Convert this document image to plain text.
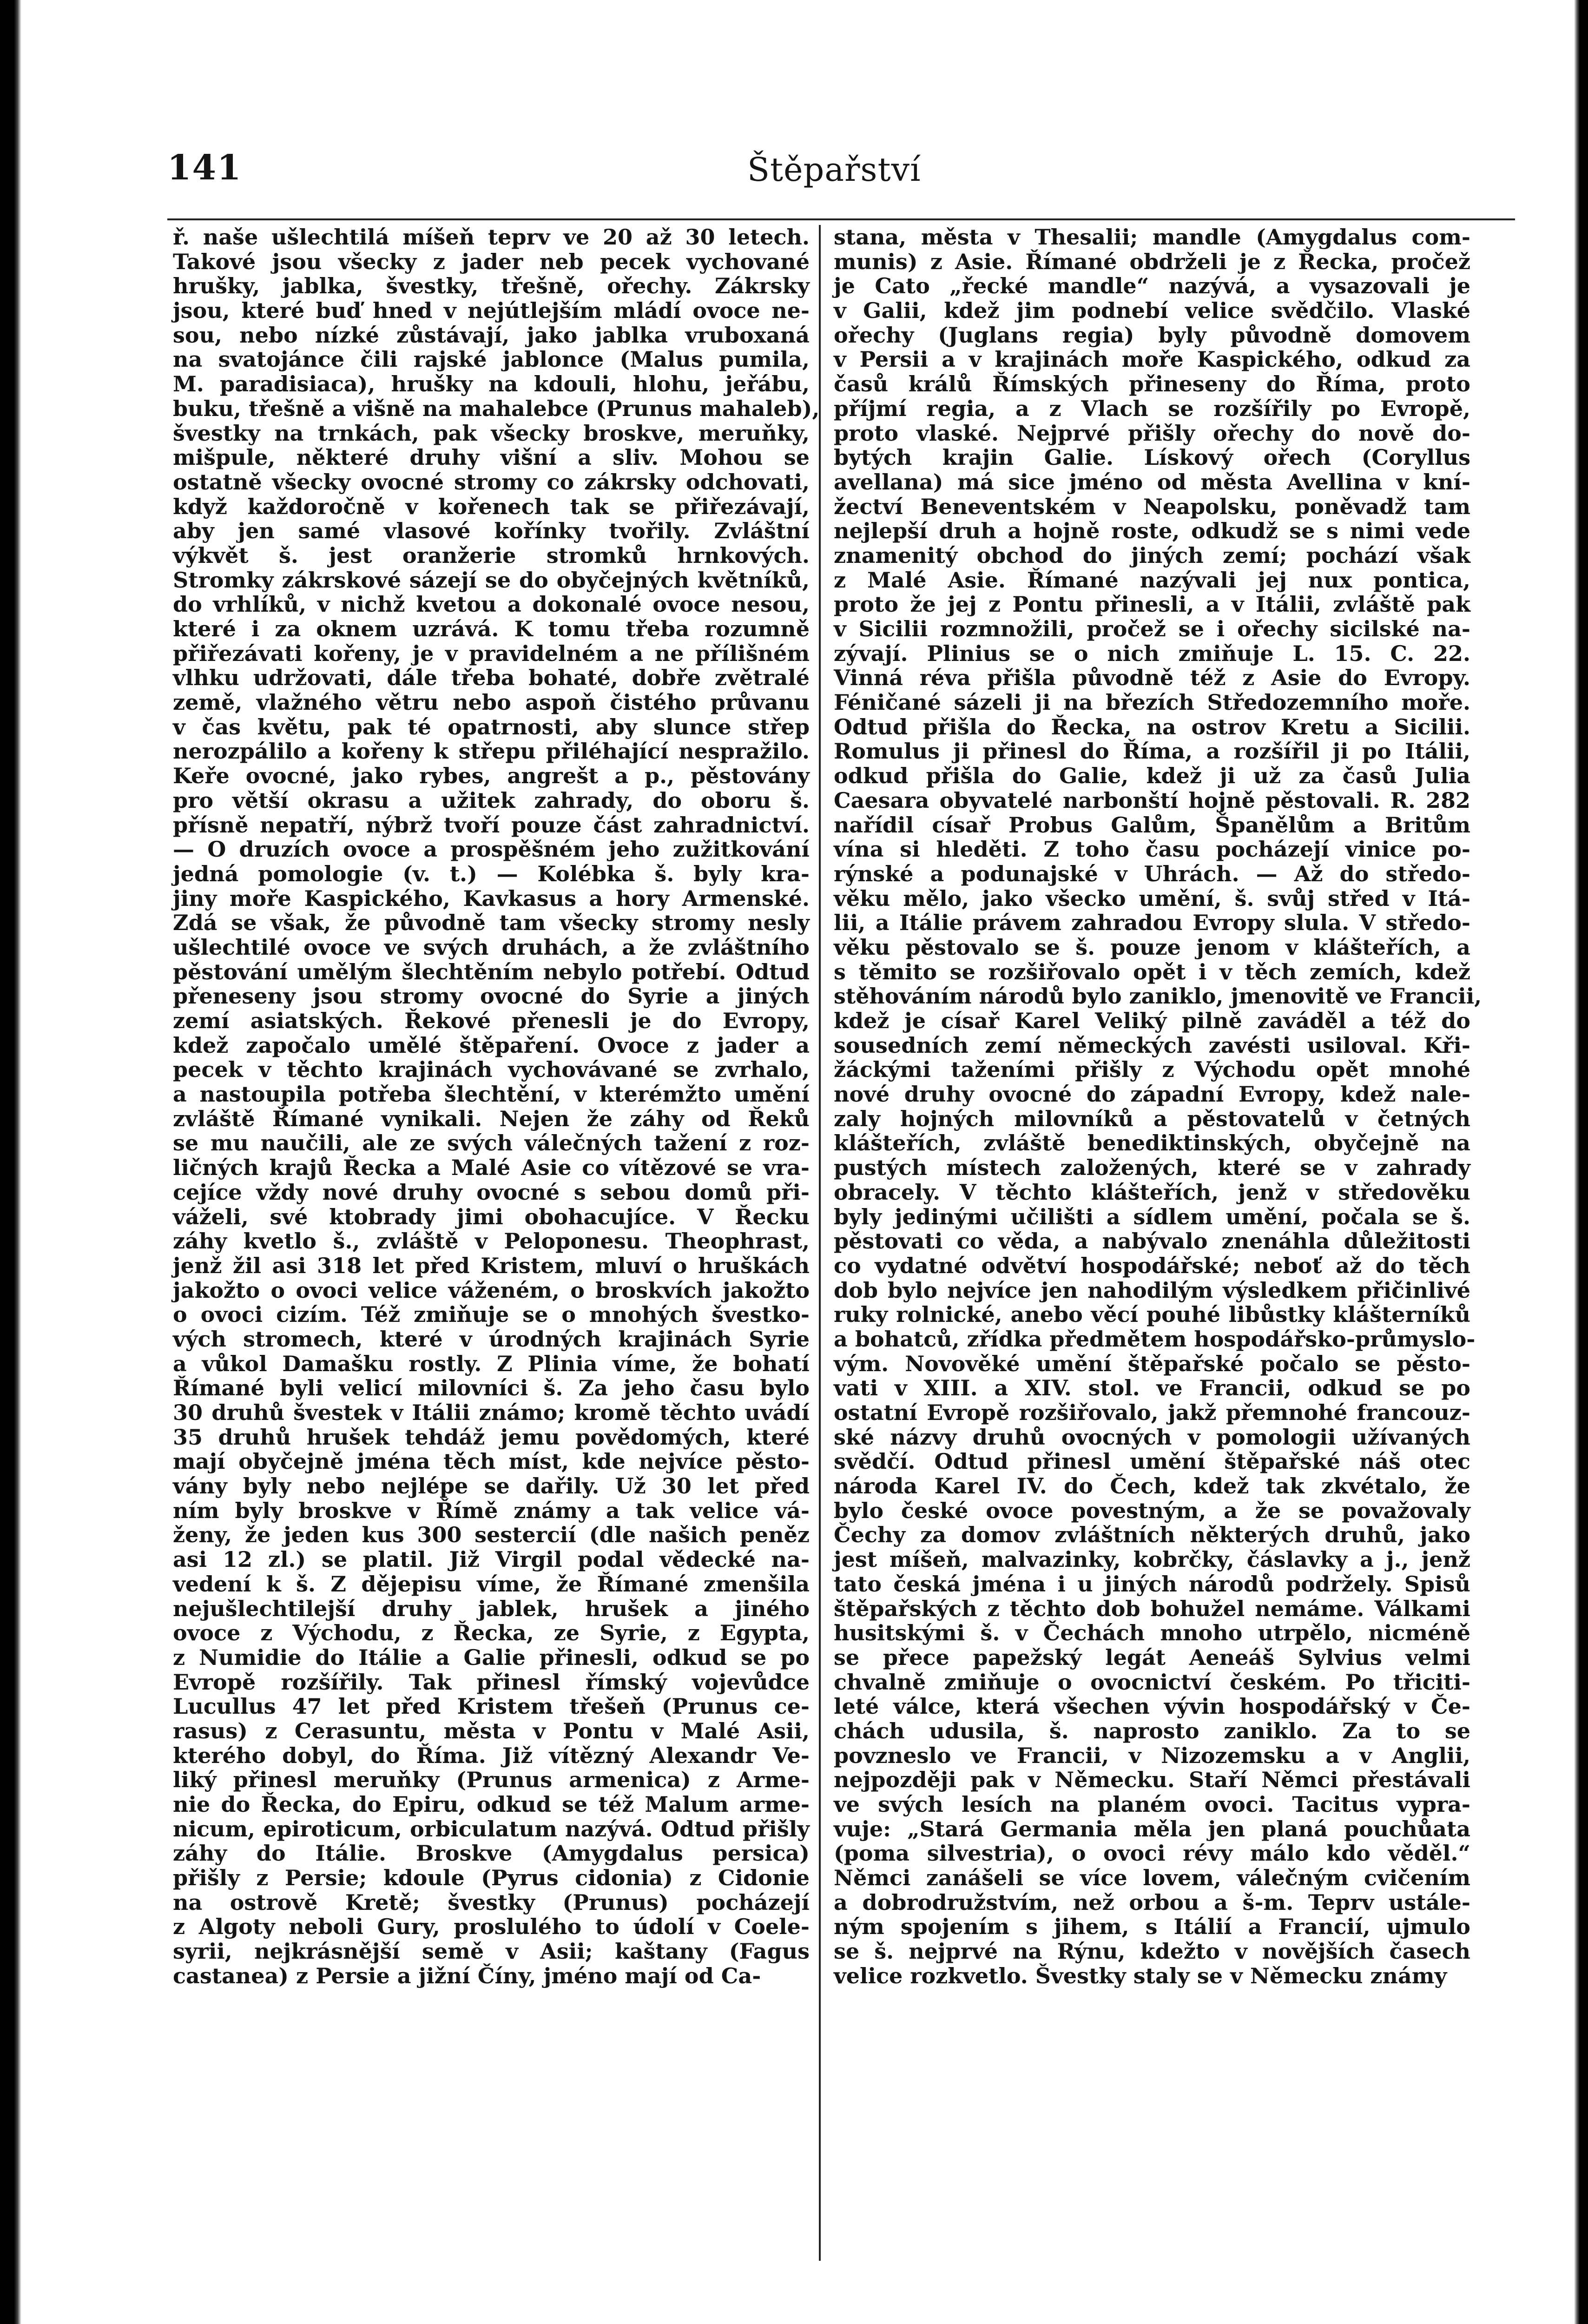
141	Štěpařství
ř. naše ušlechtilá míšeň teprv ve 20 až 30 letech.
Takové jsou všecky z jader neb pecek vychované
hrušky, jablka, švestky, třešně, ořechy. Zákrsky
jsou, které buď hned v nejútlejším mládí ovoce ne-
sou, nebo nízké zůstávají, jako jablka vruboxaná
na svatojánce čili rajské jablonce (Malus pumila,
M. paradisiaca), hrušky na kdouli, hlohu, jeřábu,
buku, třešně a višně na mahalebce (Prunus mahaleb),
švestky na trnkách, pak všecky broskve, meruňky,
mišpule, některé druhy višní a sliv. Mohou se
ostatně všecky ovocné stromy co zákrsky odchovati,
když každoročně v kořenech tak se přiřezávají,
aby jen samé vlasové kořínky tvořily. Zvláštní
výkvět š. jest oranžerie stromků hrnkových.
Stromky zákrskové sázejí se do obyčejných květníků,
do vrhlíků, v nichž kvetou a dokonalé ovoce nesou,
které i za oknem uzrává. K tomu třeba rozumně
přiřezávati kořeny, je v pravidelném a ne přílišném
vlhku udržovati, dále třeba bohaté, dobře zvětralé
země, vlažného větru nebo aspoň čistého průvanu
v čas květu, pak té opatrnosti, aby slunce střep
nerozpálilo a kořeny k střepu přiléhající nespražilo.
Keře ovocné, jako rybes, angrešt a p., pěstovány
pro větší okrasu a užitek zahrady, do oboru š.
přísně nepatří, nýbrž tvoří pouze část zahradnictví.
— O druzích ovoce a prospěšném jeho zužitkování
jedná pomologie (v. t.) — Kolébka š. byly kra-
jiny moře Kaspického, Kavkasus a hory Armenské.
Zdá se však, že původně tam všecky stromy nesly
ušlechtilé ovoce ve svých druhách, a že zvláštního
pěstování umělým šlechtěním nebylo potřebí. Odtud
přeneseny jsou stromy ovocné do Syrie a jiných
zemí asiatských. Řekové přenesli je do Evropy,
kdež započalo umělé štěpaření. Ovoce z jader a
pecek v těchto krajinách vychovávané se zvrhalo,
a nastoupila potřeba šlechtění, v kterémžto umění
zvláště Římané vynikali. Nejen že záhy od Řeků
se mu naučili, ale ze svých válečných tažení z roz-
ličných krajů Řecka a Malé Asie co vítězové se vra-
cejíce vždy nové druhy ovocné s sebou domů při-
váželi, své ktobrady jimi obohacujíce. V Řecku
záhy kvetlo š., zvláště v Peloponesu. Theophrast,
jenž žil asi 318 let před Kristem, mluví o hruškách
jakožto o ovoci velice váženém, o broskvích jakožto
o ovoci cizím. Též zmiňuje se o mnohých švestko-
vých stromech, které v úrodných krajinách Syrie
a vůkol Damašku rostly. Z Plinia víme, že bohatí
Římané byli velicí milovníci š. Za jeho času bylo
30 druhů švestek v Itálii známo; kromě těchto uvádí
35 druhů hrušek tehdáž jemu povědomých, které
mají obyčejně jména těch míst, kde nejvíce pěsto-
vány byly nebo nejlépe se dařily. Už 30 let před
ním byly broskve v Římě známy a tak velice vá-
ženy, že jeden kus 300 sestercií (dle našich peněz
asi 12 zl.) se platil. Již Virgil podal vědecké na-
vedení k š. Z dějepisu víme, že Římané zmenšila
nejušlechtilejší druhy jablek, hrušek a jiného
ovoce z Východu, z Řecka, ze Syrie, z Egypta,
z Numidie do Itálie a Galie přinesli, odkud se po
Evropě rozšířily. Tak přinesl římský vojevůdce
Lucullus 47 let před Kristem třešeň (Prunus ce-
rasus) z Cerasuntu, města v Pontu v Malé Asii,
kterého dobyl, do Říma. Již vítězný Alexandr Ve-
liký přinesl meruňky (Prunus armenica) z Arme-
nie do Řecka, do Epiru, odkud se též Malum arme-
nicum, epiroticum, orbiculatum nazývá. Odtud přišly
záhy do Itálie. Broskve (Amygdalus persica)
přišly z Persie; kdoule (Pyrus cidonia) z Cidonie
na ostrově Kretě; švestky (Prunus) pocházejí
z Algoty neboli Gury, proslulého to údolí v Coele-
syrii, nejkrásnější semě v Asii; kaštany (Fagus
castanea) z Persie a jižní Číny, jméno mají od Ca-
stana, města v Thesalii; mandle (Amygdalus com-
munis) z Asie. Římané obdrželi je z Řecka, pročež
je Cato „řecké mandle“ nazývá, a vysazovali je
v Galii, kdež jim podnebí velice svědčilo. Vlaské
ořechy (Juglans regia) byly původně domovem
v Persii a v krajinách moře Kaspického, odkud za
časů králů Římských přineseny do Říma, proto
příjmí regia, a z Vlach se rozšířily po Evropě,
proto vlaské. Nejprvé přišly ořechy do nově do-
bytých krajin Galie. Lískový ořech (Coryllus
avellana) má sice jméno od města Avellina v kní-
žectví Beneventském v Neapolsku, poněvadž tam
nejlepší druh a hojně roste, odkudž se s nimi vede
znamenitý obchod do jiných zemí; pochází však
z Malé Asie. Římané nazývali jej nux pontica,
proto že jej z Pontu přinesli, a v Itálii, zvláště pak
v Sicilii rozmnožili, pročež se i ořechy sicilské na-
zývají. Plinius se o nich zmiňuje L. 15. C. 22.
Vinná réva přišla původně též z Asie do Evropy.
Féničané sázeli ji na březích Středozemního moře.
Odtud přišla do Řecka, na ostrov Kretu a Sicilii.
Romulus ji přinesl do Říma, a rozšířil ji po Itálii,
odkud přišla do Galie, kdež ji už za časů Julia
Caesara obyvatelé narbonští hojně pěstovali. R. 282
nařídil císař Probus Galům, Španělům a Britům
vína si hleděti. Z toho času pocházejí vinice po-
rýnské a podunajské v Uhrách. — Až do středo-
věku mělo, jako všecko umění, š. svůj střed v Itá-
lii, a Itálie právem zahradou Evropy slula. V středo-
věku pěstovalo se š. pouze jenom v klášteřích, a
s těmito se rozšiřovalo opět i v těch zemích, kdež
stěhováním národů bylo zaniklo, jmenovitě ve Francii,
kdež je císař Karel Veliký pilně zaváděl a též do
sousedních zemí německých zavésti usiloval. Kři-
žáckými taženími přišly z Východu opět mnohé
nové druhy ovocné do západní Evropy, kdež nale-
zaly hojných milovníků a pěstovatelů v četných
klášteřích, zvláště benediktinských, obyčejně na
pustých místech založených, které se v zahrady
obracely. V těchto klášteřích, jenž v středověku
byly jedinými učilišti a sídlem umění, počala se š.
pěstovati co věda, a nabývalo znenáhla důležitosti
co vydatné odvětví hospodářské; neboť až do těch
dob bylo nejvíce jen nahodilým výsledkem přičinlivé
ruky rolnické, anebo věcí pouhé libůstky klášterníků
a bohatců, zřídka předmětem hospodářsko-průmyslo-
vým. Novověké umění štěpařské počalo se pěsto-
vati v XIII. a XIV. stol. ve Francii, odkud se po
ostatní Evropě rozšiřovalo, jakž přemnohé francouz-
ské názvy druhů ovocných v pomologii užívaných
svědčí. Odtud přinesl umění štěpařské náš otec
národa Karel IV. do Čech, kdež tak zkvétalo, že
bylo české ovoce povestným, a že se považovaly
Čechy za domov zvláštních některých druhů, jako
jest míšeň, malvazinky, kobrčky, čáslavky a j., jenž
tato česká jména i u jiných národů podržely. Spisů
štěpařských z těchto dob bohužel nemáme. Válkami
husitskými š. v Čechách mnoho utrpělo, nicméně
se přece papežský legát Aeneáš Sylvius velmi
chvalně zmiňuje o ovocnictví českém. Po třiciti-
leté válce, která všechen vývin hospodářský v Če-
chách udusila, š. naprosto zaniklo. Za to se
povzneslo ve Francii, v Nizozemsku a v Anglii,
nejpozději pak v Německu. Staří Němci přestávali
ve svých lesích na planém ovoci. Tacitus vypra-
vuje: „Stará Germania měla jen planá pouchůata
(poma silvestria), o ovoci révy málo kdo věděl.“
Němci zanášeli se více lovem, válečným cvičením
a dobrodružstvím, než orbou a š-m. Teprv ustále-
ným spojením s jihem, s Itálií a Francií, ujmulo
se š. nejprvé na Rýnu, kdežto v novějších časech
velice rozkvetlo. Švestky staly se v Německu známy
